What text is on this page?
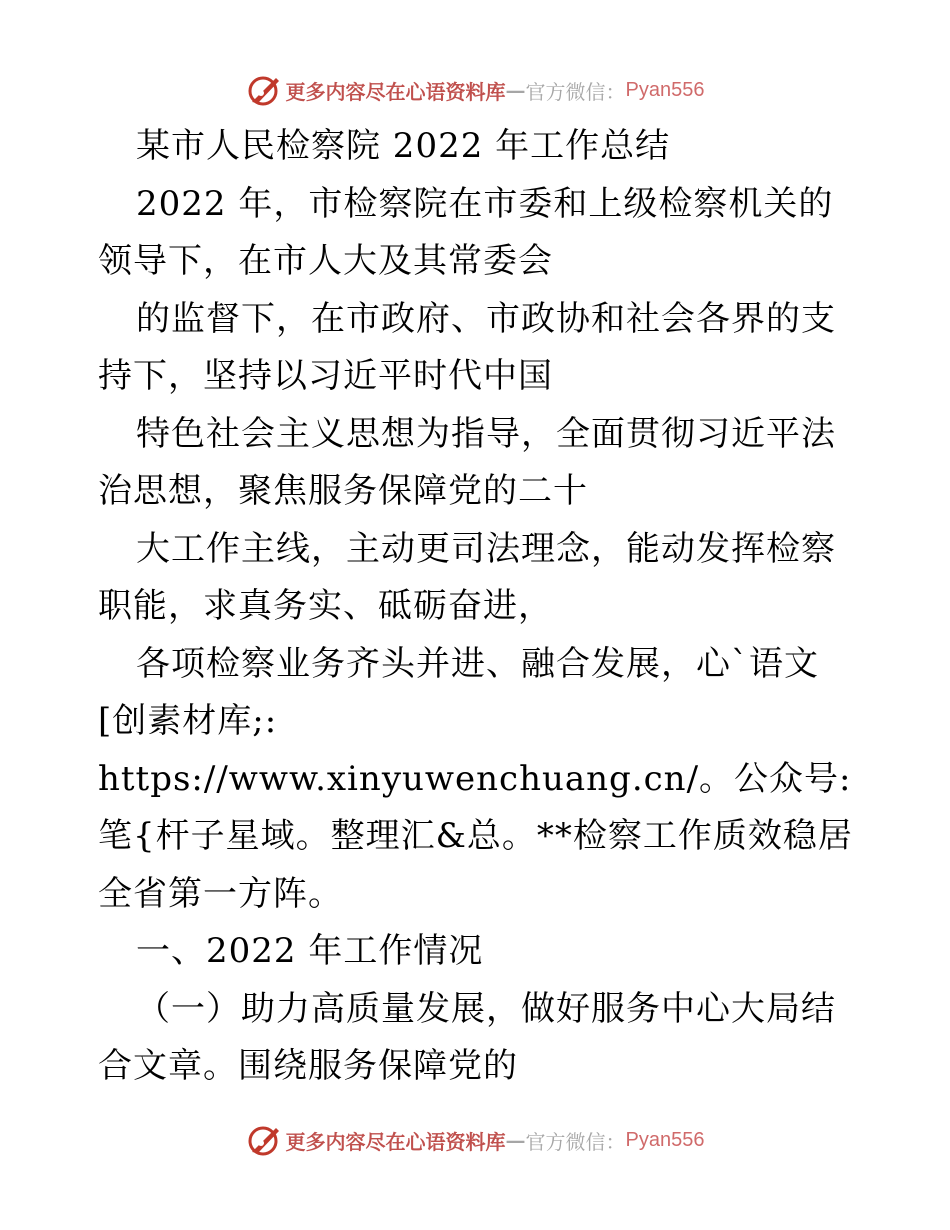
更多内容尽在心语资料库 — 官方微信： Pyan556

某市人民检察院 2022 年工作总结

2022 年，市检察院在市委和上级检察机关的领导下，在市人大及其常委会

的监督下，在市政府、市政协和社会各界的支持下，坚持以习近平时代中国

特色社会主义思想为指导，全面贯彻习近平法治思想，聚焦服务保障党的二十

大工作主线，主动更司法理念，能动发挥检察职能，求真务实、砥砺奋进，

各项检察业务齐头并进、融合发展，心`语文[创素材库;: https://www.xinyuwenchuang.cn/。公众号: 笔{杆子星域。整理汇&总。**检察工作质效稳居全省第一方阵。

一、2022 年工作情况

（一）助力高质量发展，做好服务中心大局结合文章。围绕服务保障党的

更多内容尽在心语资料库 — 官方微信： Pyan556
